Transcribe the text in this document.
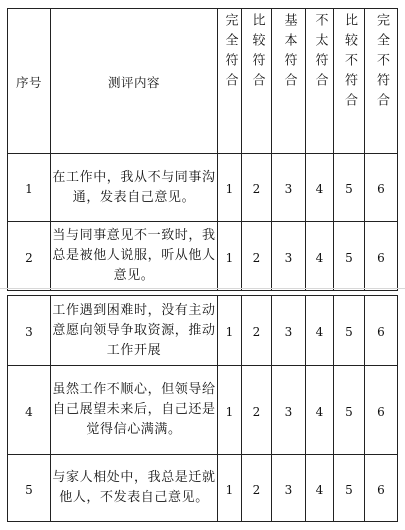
序号	测评内容	完全符合	比较符合	基本符合	不太符合	比较不符合	完全不符合
1	在工作中，我从不与同事沟通，发表自己意见。	1	2	3	4	5	6
2	当与同事意见不一致时，我总是被他人说服，听从他人意见。	1	2	3	4	5	6
3	工作遇到困难时，没有主动意愿向领导争取资源，推动工作开展	1	2	3	4	5	6
4	虽然工作不顺心，但领导给自己展望未来后，自己还是觉得信心满满。	1	2	3	4	5	6
5	与家人相处中，我总是迁就他人，不发表自己意见。	1	2	3	4	5	6
